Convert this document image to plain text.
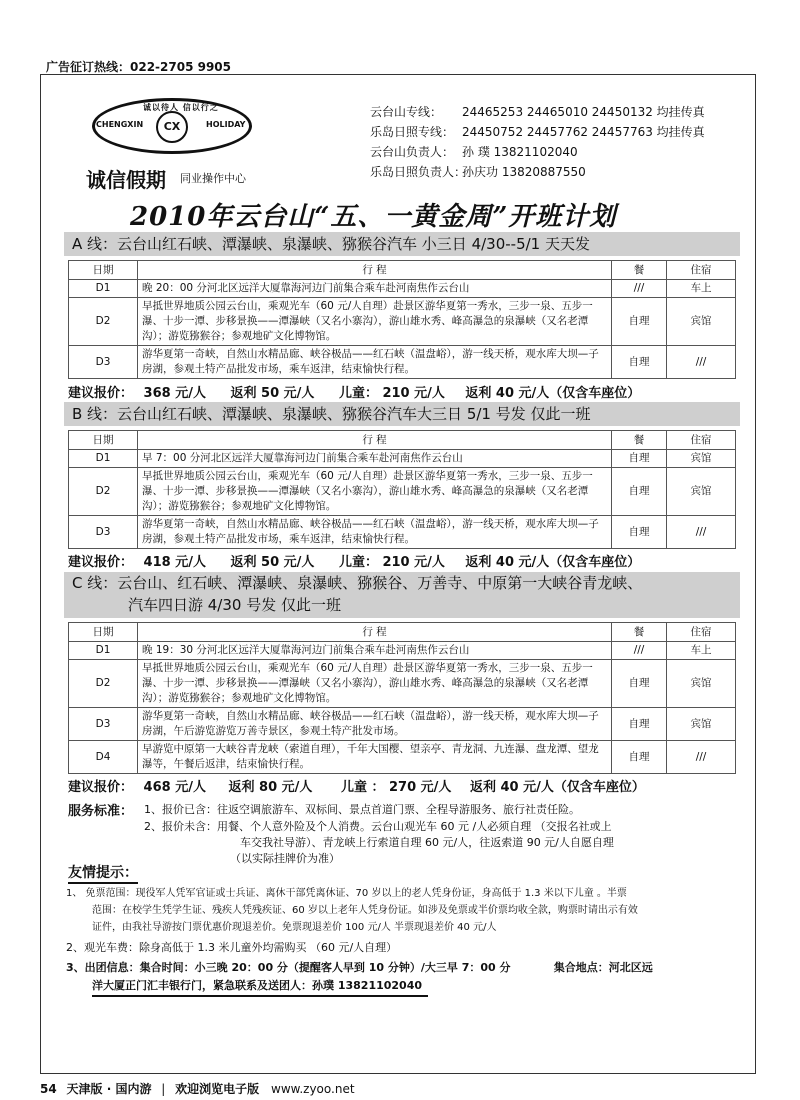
广告征订热线：022-2705 9905
诚以待人 信以行之
CHENGXIN	HOLIDAY
CX
诚信假期 同业操作中心
云台山专线： 24465253 24465010 24450132 均挂传真
乐岛日照专线： 24450752 24457762 24457763 均挂传真
云台山负责人： 孙 璞 13821102040
乐岛日照负责人：孙庆功 13820887550
2010年云台山“五、一黄金周”开班计划
A 线：云台山红石峡、潭瀑峡、泉瀑峡、猕猴谷汽车 小三日 4/30--5/1 天天发
日期	行 程	餐	住宿
D1	晚 20：00 分河北区远洋大厦靠海河边门前集合乘车赴河南焦作云台山	///	车上
D2	早抵世界地质公园云台山，乘观光车（60 元/人自理）赴景区游华夏第一秀水，三步一泉、五步一瀑、十步一潭、步移景换——潭瀑峡（又名小寨沟），游山雄水秀、峰高瀑急的泉瀑峡（又名老潭沟）；游览猕猴谷；参观地矿文化博物馆。	自理	宾馆
D3	游华夏第一奇峡，自然山水精品廊、峡谷极品——红石峡（温盘峪），游一线天桥，观水库大坝—子房湖，参观土特产品批发市场，乘车返津，结束愉快行程。	自理	///
建议报价： 368 元/人 返利 50 元/人 儿童： 210 元/人 返利 40 元/人（仅含车座位）
B 线：云台山红石峡、潭瀑峡、泉瀑峡、猕猴谷汽车大三日 5/1 号发 仅此一班
日期	行 程	餐	住宿
D1	早 7：00 分河北区远洋大厦靠海河边门前集合乘车赴河南焦作云台山	自理	宾馆
D2	早抵世界地质公园云台山，乘观光车（60 元/人自理）赴景区游华夏第一秀水，三步一泉、五步一瀑、十步一潭、步移景换——潭瀑峡（又名小寨沟），游山雄水秀、峰高瀑急的泉瀑峡（又名老潭沟）；游览猕猴谷；参观地矿文化博物馆。	自理	宾馆
D3	游华夏第一奇峡，自然山水精品廊、峡谷极品——红石峡（温盘峪），游一线天桥，观水库大坝—子房湖，参观土特产品批发市场，乘车返津，结束愉快行程。	自理	///
建议报价： 418 元/人 返利 50 元/人 儿童： 210 元/人 返利 40 元/人（仅含车座位）
C 线：云台山、红石峡、潭瀑峡、泉瀑峡、猕猴谷、万善寺、中原第一大峡谷青龙峡、
汽车四日游 4/30 号发 仅此一班
日期	行 程	餐	住宿
D1	晚 19：30 分河北区远洋大厦靠海河边门前集合乘车赴河南焦作云台山	///	车上
D2	早抵世界地质公园云台山，乘观光车（60 元/人自理）赴景区游华夏第一秀水，三步一泉、五步一瀑、十步一潭、步移景换——潭瀑峡（又名小寨沟），游山雄水秀、峰高瀑急的泉瀑峡（又名老潭沟）；游览猕猴谷；参观地矿文化博物馆。	自理	宾馆
D3	游华夏第一奇峡，自然山水精品廊、峡谷极品——红石峡（温盘峪），游一线天桥，观水库大坝—子房湖，午后游览游览万善寺景区，参观土特产批发市场。	自理	宾馆
D4	早游览中原第一大峡谷青龙峡（索道自理），千年大国樱、望亲亭、青龙洞、九连瀑、盘龙潭、望龙瀑等，午餐后返津，结束愉快行程。	自理	///
建议报价： 468 元/人 返利 80 元/人 儿童 ： 270 元/人 返利 40 元/人（仅含车座位）
服务标准： 1、报价已含：往返空调旅游车、双标间、景点首道门票、全程导游服务、旅行社责任险。
2、报价未含：用餐、个人意外险及个人消费。云台山观光车 60 元 /人必须自理 （交报名社或上
车交我社导游）、青龙峡上行索道自理 60 元/人，往返索道 90 元/人自愿自理
（以实际挂牌价为准）
友情提示：
1、 免票范围：现役军人凭军官证或士兵证、离休干部凭离休证、70 岁以上的老人凭身份证，身高低于 1.3 米以下儿童 。半票
范围：在校学生凭学生证、残疾人凭残疾证、60 岁以上老年人凭身份证。如涉及免票或半价票均收全款，购票时请出示有效
证件，由我社导游按门票优惠价现退差价。免票现退差价 100 元/人 半票现退差价 40 元/人
2、观光车费：除身高低于 1.3 米儿童外均需购买 （60 元/人自理）
3、出团信息：集合时间：小三晚 20：00 分（提醒客人早到 10 分钟）/大三早 7：00 分	集合地点：河北区远
洋大厦正门汇丰银行门，紧急联系及送团人：孙璞 13821102040
54 天津版 · 国内游 | 欢迎浏览电子版 www.zyoo.net
